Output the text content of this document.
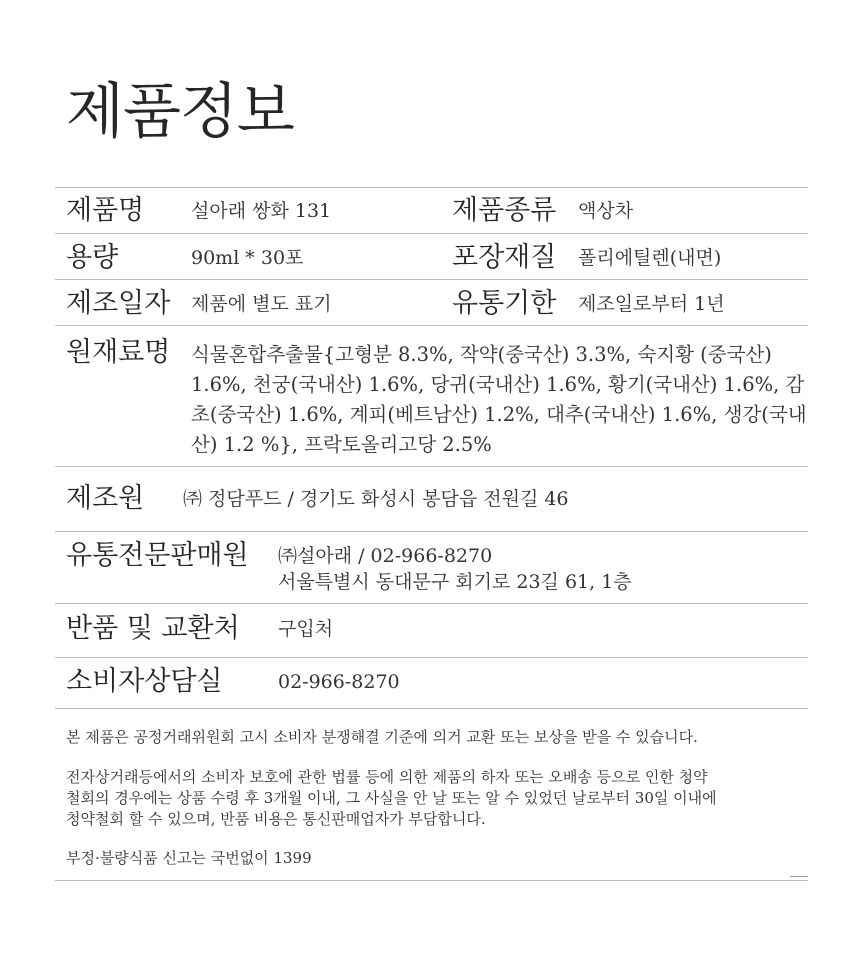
제품정보
제품명 설아래 쌍화 131	제품종류 액상차
용량	90ml * 30포	포장재질 폴리에틸렌(내면)
제조일자 제품에 별도 표기	유통기한 제조일로부터 1년
원재료명 식물혼합추출물{고형분 8.3%, 작약(중국산) 3.3%, 숙지황 (중국산) 1.6%, 천궁(국내산) 1.6%, 당귀(국내산) 1.6%, 황기(국내산) 1.6%, 감초(중국산) 1.6%, 계피(베트남산) 1.2%, 대추(국내산) 1.6%, 생강(국내산) 1.2 %}, 프락토올리고당 2.5%

제조원 ㈜ 정담푸드 / 경기도 화성시 봉담읍 전원길 46
유통전문판매원 ㈜설아래 / 02-966-8270
서울특별시 동대문구 회기로 23길 61, 1층
반품 및 교환처 구입처
소비자상담실	02-966-8270

본 제품은 공정거래위원회 고시 소비자 분쟁해결 기준에 의거 교환 또는 보상을 받을 수 있습니다.

전자상거래등에서의 소비자 보호에 관한 법률 등에 의한 제품의 하자 또는 오배송 등으로 인한 청약

철회의 경우에는 상품 수령 후 3개월 이내, 그 사실을 안 날 또는 알 수 있었던 날로부터 30일 이내에

청약철회 할 수 있으며, 반품 비용은 통신판매업자가 부담합니다.

부정·불량식품 신고는 국번없이 1399
